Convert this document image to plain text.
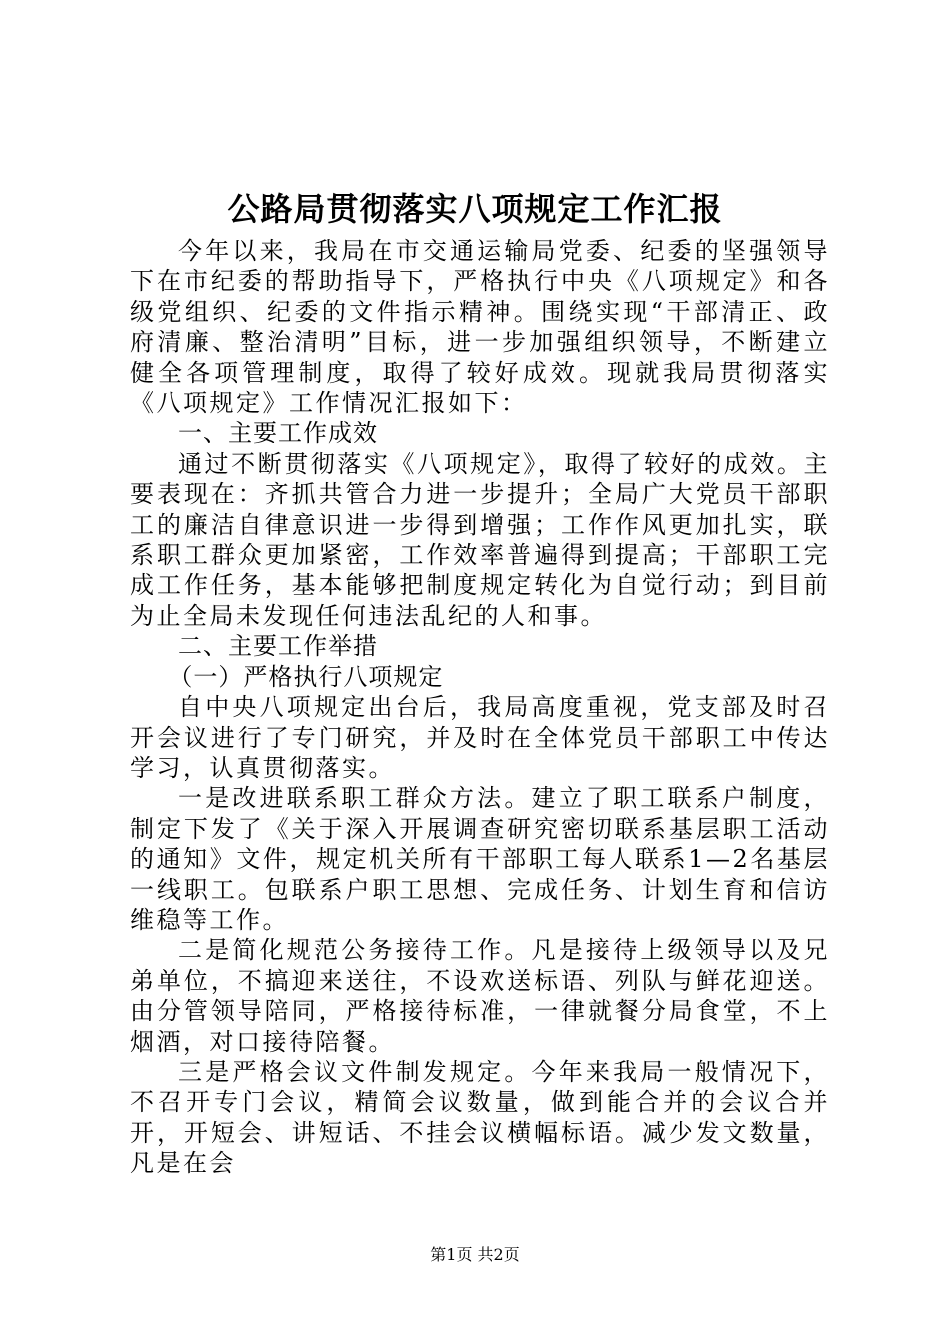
公路局贯彻落实八项规定工作汇报

今年以来，我局在市交通运输局党委、纪委的坚强领导下在市纪委的帮助指导下，严格执行中央《八项规定》和各级党组织、纪委的文件指示精神。围绕实现“干部清正、政府清廉、整治清明”目标，进一步加强组织领导，不断建立健全各项管理制度，取得了较好成效。现就我局贯彻落实《八项规定》工作情况汇报如下：

一、主要工作成效

通过不断贯彻落实《八项规定》，取得了较好的成效。主要表现在：齐抓共管合力进一步提升；全局广大党员干部职工的廉洁自律意识进一步得到增强；工作作风更加扎实，联系职工群众更加紧密，工作效率普遍得到提高；干部职工完成工作任务，基本能够把制度规定转化为自觉行动；到目前为止全局未发现任何违法乱纪的人和事。

二、主要工作举措
（一）严格执行八项规定

自中央八项规定出台后，我局高度重视，党支部及时召开会议进行了专门研究，并及时在全体党员干部职工中传达学习，认真贯彻落实。

一是改进联系职工群众方法。建立了职工联系户制度，制定下发了《关于深入开展调查研究密切联系基层职工活动的通知》文件，规定机关所有干部职工每人联系1—2名基层一线职工。包联系户职工思想、完成任务、计划生育和信访维稳等工作。

二是简化规范公务接待工作。凡是接待上级领导以及兄弟单位，不搞迎来送往，不设欢送标语、列队与鲜花迎送。由分管领导陪同，严格接待标准，一律就餐分局食堂，不上烟酒，对口接待陪餐。

三是严格会议文件制发规定。今年来我局一般情况下，不召开专门会议，精简会议数量，做到能合并的会议合并开，开短会、讲短话、不挂会议横幅标语。减少发文数量，凡是在会

第1页 共2页
